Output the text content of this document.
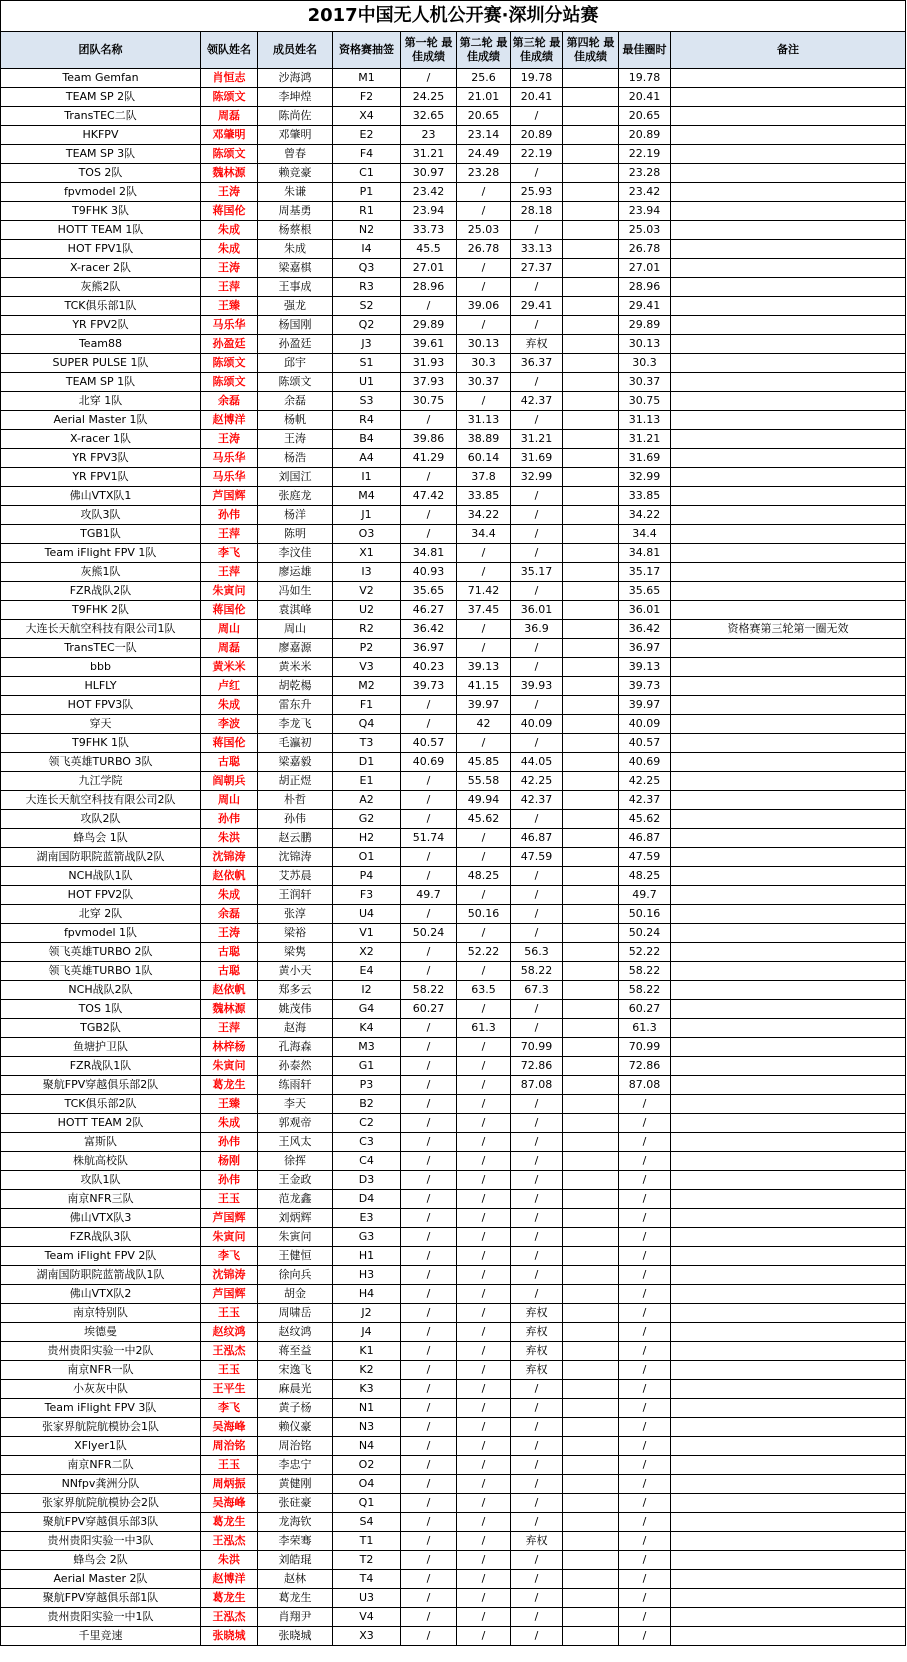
2017中国无人机公开赛·深圳分站赛									
团队名称	领队姓名	成员姓名	资格赛抽签	第一轮 最佳成绩	第二轮 最佳成绩	第三轮 最佳成绩	第四轮 最佳成绩	最佳圈时	备注
Team Gemfan	肖恒志	沙海鸿	M1	/	25.6	19.78		19.78	
TEAM SP 2队	陈颂文	李坤煌	F2	24.25	21.01	20.41		20.41	
TransTEC二队	周磊	陈尚佐	X4	32.65	20.65	/		20.65	
HKFPV	邓肇明	邓肇明	E2	23	23.14	20.89		20.89	
TEAM SP 3队	陈颂文	曾春	F4	31.21	24.49	22.19		22.19	
TOS 2队	魏林源	赖竞豪	C1	30.97	23.28	/		23.28	
fpvmodel 2队	王涛	朱谦	P1	23.42	/	25.93		23.42	
T9FHK 3队	蒋国伦	周基勇	R1	23.94	/	28.18		23.94	
HOTT TEAM 1队	朱成	杨蔡根	N2	33.73	25.03	/		25.03	
HOT FPV1队	朱成	朱成	I4	45.5	26.78	33.13		26.78	
X-racer 2队	王涛	梁嘉棋	Q3	27.01	/	27.37		27.01	
灰熊2队	王萍	王事成	R3	28.96	/	/		28.96	
TCK俱乐部1队	王臻	强龙	S2	/	39.06	29.41		29.41	
YR FPV2队	马乐华	杨国刚	Q2	29.89	/	/		29.89	
Team88	孙盈廷	孙盈廷	J3	39.61	30.13	弃权		30.13	
SUPER PULSE 1队	陈颂文	邱宇	S1	31.93	30.3	36.37		30.3	
TEAM SP 1队	陈颂文	陈颂文	U1	37.93	30.37	/		30.37	
北穿 1队	余磊	余磊	S3	30.75	/	42.37		30.75	
Aerial Master 1队	赵博洋	杨帆	R4	/	31.13	/		31.13	
X-racer 1队	王涛	王涛	B4	39.86	38.89	31.21		31.21	
YR FPV3队	马乐华	杨浩	A4	41.29	60.14	31.69		31.69	
YR FPV1队	马乐华	刘国江	I1	/	37.8	32.99		32.99	
佛山VTX队1	芦国辉	张庭龙	M4	47.42	33.85	/		33.85	
攻队3队	孙伟	杨洋	J1	/	34.22	/		34.22	
TGB1队	王萍	陈明	O3	/	34.4	/		34.4	
Team iFlight FPV 1队	李飞	李汶佳	X1	34.81	/	/		34.81	
灰熊1队	王萍	廖运雄	I3	40.93	/	35.17		35.17	
FZR战队2队	朱寅问	冯如生	V2	35.65	71.42	/		35.65	
T9FHK 2队	蒋国伦	袁淇峰	U2	46.27	37.45	36.01		36.01	
大连长天航空科技有限公司1队	周山	周山	R2	36.42	/	36.9		36.42	资格赛第三轮第一圈无效
TransTEC一队	周磊	廖嘉源	P2	36.97	/	/		36.97	
bbb	黄米米	黄米米	V3	40.23	39.13	/		39.13	
HLFLY	卢红	胡乾楊	M2	39.73	41.15	39.93		39.73	
HOT FPV3队	朱成	雷东升	F1	/	39.97	/		39.97	
穿天	李波	李龙飞	Q4	/	42	40.09		40.09	
T9FHK 1队	蒋国伦	毛瀛初	T3	40.57	/	/		40.57	
领飞英雄TURBO 3队	古聪	梁嘉毅	D1	40.69	45.85	44.05		40.69	
九江学院	阎朝兵	胡正煜	E1	/	55.58	42.25		42.25	
大连长天航空科技有限公司2队	周山	朴哲	A2	/	49.94	42.37		42.37	
攻队2队	孙伟	孙伟	G2	/	45.62	/		45.62	
蜂鸟会 1队	朱洪	赵云鹏	H2	51.74	/	46.87		46.87	
湖南国防职院蓝箭战队2队	沈锦涛	沈锦涛	O1	/	/	47.59		47.59	
NCH战队1队	赵依帆	艾苏晨	P4	/	48.25	/		48.25	
HOT FPV2队	朱成	王润轩	F3	49.7	/	/		49.7	
北穿 2队	余磊	张淳	U4	/	50.16	/		50.16	
fpvmodel 1队	王涛	梁裕	V1	50.24	/	/		50.24	
领飞英雄TURBO 2队	古聪	梁隽	X2	/	52.22	56.3		52.22	
领飞英雄TURBO 1队	古聪	黄小天	E4	/	/	58.22		58.22	
NCH战队2队	赵依帆	郑多云	I2	58.22	63.5	67.3		58.22	
TOS 1队	魏林源	姚茂伟	G4	60.27	/	/		60.27	
TGB2队	王萍	赵海	K4	/	61.3	/		61.3	
鱼塘护卫队	林梓杨	孔海森	M3	/	/	70.99		70.99	
FZR战队1队	朱寅问	孙泰然	G1	/	/	72.86		72.86	
聚航FPV穿越俱乐部2队	葛龙生	练雨轩	P3	/	/	87.08		87.08	
TCK俱乐部2队	王臻	李天	B2	/	/	/		/	
HOTT TEAM 2队	朱成	郭观帝	C2	/	/	/		/	
富斯队	孙伟	王风太	C3	/	/	/		/	
株航高校队	杨刚	徐挥	C4	/	/	/		/	
攻队1队	孙伟	王金政	D3	/	/	/		/	
南京NFR三队	王玉	范龙鑫	D4	/	/	/		/	
佛山VTX队3	芦国辉	刘炳辉	E3	/	/	/		/	
FZR战队3队	朱寅问	朱寅问	G3	/	/	/		/	
Team iFlight FPV 2队	李飞	王健恒	H1	/	/	/		/	
湖南国防职院蓝箭战队1队	沈锦涛	徐向兵	H3	/	/	/		/	
佛山VTX队2	芦国辉	胡金	H4	/	/	/		/	
南京特别队	王玉	周啸岳	J2	/	/	弃权		/	
埃德曼	赵纹鸿	赵纹鸿	J4	/	/	弃权		/	
贵州贵阳实验一中2队	王泓杰	蒋至益	K1	/	/	弃权		/	
南京NFR一队	王玉	宋逸飞	K2	/	/	弃权		/	
小灰灰中队	王平生	麻晨光	K3	/	/	/		/	
Team iFlight FPV 3队	李飞	黄子杨	N1	/	/	/		/	
张家界航院航模协会1队	吴海峰	赖仪豪	N3	/	/	/		/	
XFlyer1队	周治铭	周治铭	N4	/	/	/		/	
南京NFR二队	王玉	李忠宁	O2	/	/	/		/	
NNfpv龚洲分队	周炳振	黄健刚	O4	/	/	/		/	
张家界航院航模协会2队	吴海峰	张砫豪	Q1	/	/	/		/	
聚航FPV穿越俱乐部3队	葛龙生	龙海钦	S4	/	/	/		/	
贵州贵阳实验一中3队	王泓杰	李荣骞	T1	/	/	弃权		/	
蜂鸟会 2队	朱洪	刘皓琨	T2	/	/	/		/	
Aerial Master 2队	赵博洋	赵林	T4	/	/	/		/	
聚航FPV穿越俱乐部1队	葛龙生	葛龙生	U3	/	/	/		/	
贵州贵阳实验一中1队	王泓杰	肖翔尹	V4	/	/	/		/	
千里竞速	张晓城	张晓城	X3	/	/	/		/	
